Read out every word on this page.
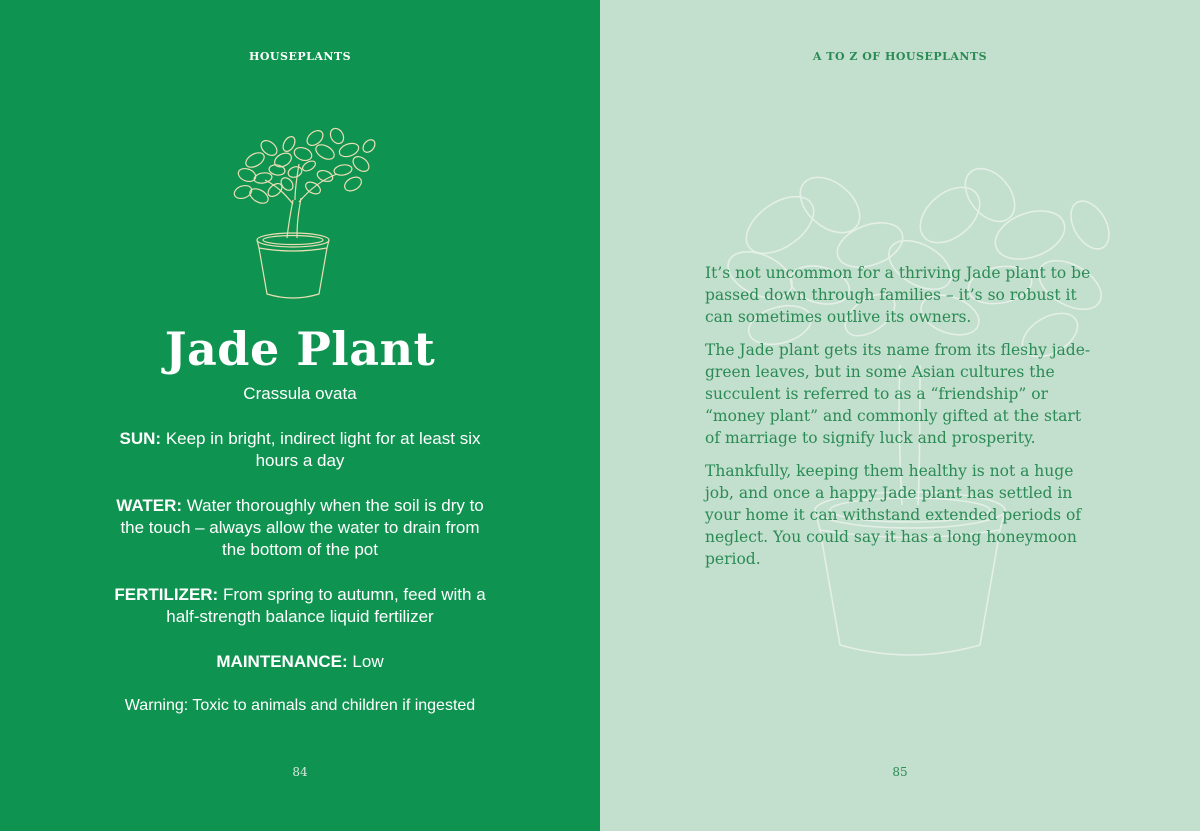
HOUSEPLANTS
Jade Plant
Crassula ovata
SUN: Keep in bright, indirect light for at least six hours a day
WATER: Water thoroughly when the soil is dry to the touch – always allow the water to drain from the bottom of the pot
FERTILIZER: From spring to autumn, feed with a half-strength balance liquid fertilizer
MAINTENANCE: Low
Warning: Toxic to animals and children if ingested
84
A TO Z OF HOUSEPLANTS

It’s not uncommon for a thriving Jade plant to be passed down through families – it’s so robust it can sometimes outlive its owners.

The Jade plant gets its name from its fleshy jade-green leaves, but in some Asian cultures the succulent is referred to as a “friendship” or “money plant” and commonly gifted at the start of marriage to signify luck and prosperity.

Thankfully, keeping them healthy is not a huge job, and once a happy Jade plant has settled in your home it can withstand extended periods of neglect. You could say it has a long honeymoon period.

85
